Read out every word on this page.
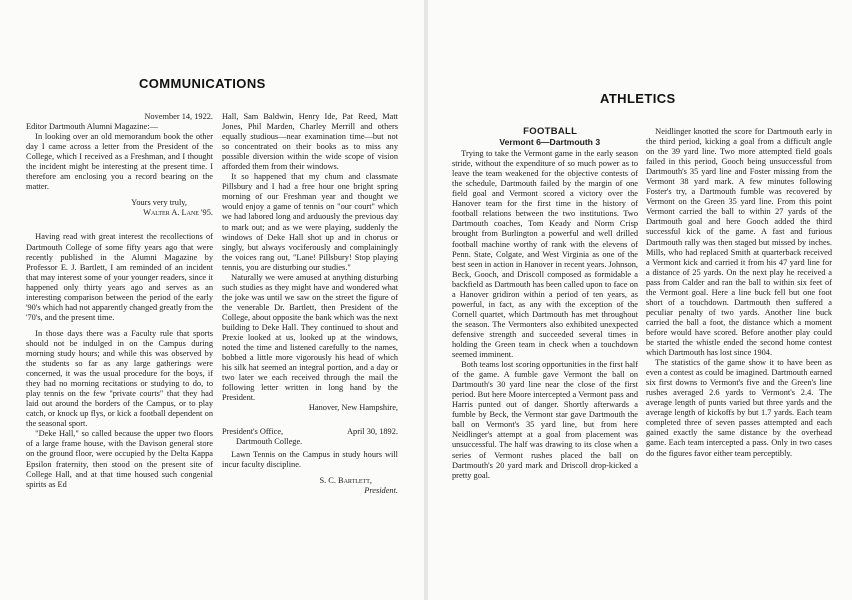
COMMUNICATIONS

November 14, 1922.

Editor Dartmouth Alumni Magazine:—

In looking over an old memorandum book the other day I came across a letter from the President of the College, which I received as a Freshman, and I thought the incident might be interesting at the present time. I therefore am enclosing you a record bearing on the matter.

Yours very truly,

Walter A. Lane '95.

Having read with great interest the recollections of Dartmouth College of some fifty years ago that were recently published in the Alumni Magazine by Professor E. J. Bartlett, I am reminded of an incident that may interest some of your younger readers, since it happened only thirty years ago and serves as an interesting comparison between the period of the early '90's which had not apparently changed greatly from the '70's, and the present time.

In those days there was a Faculty rule that sports should not be indulged in on the Campus during morning study hours; and while this was observed by the students so far as any large gatherings were concerned, it was the usual procedure for the boys, if they had no morning recitations or studying to do, to play tennis on the few "private courts" that they had laid out around the borders of the Campus, or to play catch, or knock up flys, or kick a football dependent on the seasonal sport.

"Deke Hall," so called because the upper two floors of a large frame house, with the Davison general store on the ground floor, were occupied by the Delta Kappa Epsilon fraternity, then stood on the present site of College Hall, and at that time housed such congenial spirits as Ed

Hall, Sam Baldwin, Henry Ide, Pat Reed, Matt Jones, Phil Marden, Charley Merrill and others equally studious—near examination time—but not so concentrated on their books as to miss any possible diversion within the wide scope of vision afforded them from their windows.

It so happened that my chum and classmate Pillsbury and I had a free hour one bright spring morning of our Freshman year and thought we would enjoy a game of tennis on "our court" which we had labored long and arduously the previous day to mark out; and as we were playing, suddenly the windows of Deke Hall shot up and in chorus or singly, but always vociferously and complainingly the voices rang out, "Lane! Pillsbury! Stop playing tennis, you are disturbing our studies."

Naturally we were amused at anything disturbing such studies as they might have and wondered what the joke was until we saw on the street the figure of the venerable Dr. Bartlett, then President of the College, about opposite the bank which was the next building to Deke Hall. They continued to shout and Prexie looked at us, looked up at the windows, noted the time and listened carefully to the names, bobbed a little more vigorously his head of which his silk hat seemed an integral portion, and a day or two later we each received through the mail the following letter written in long hand by the President.

Hanover, New Hampshire,

President's Office,	April 30, 1892.

Dartmouth College.

Lawn Tennis on the Campus in study hours will incur faculty discipline.

S. C. Bartlett,

President.

ATHLETICS

FOOTBALL

Vermont 6—Dartmouth 3

Trying to take the Vermont game in the early season stride, without the expenditure of so much power as to leave the team weakened for the objective contests of the schedule, Dartmouth failed by the margin of one field goal and Vermont scored a victory over the Hanover team for the first time in the history of football relations between the two institutions. Two Dartmouth coaches, Tom Keady and Norm Crisp brought from Burlington a powerful and well drilled football machine worthy of rank with the elevens of Penn. State, Colgate, and West Virginia as one of the best seen in action in Hanover in recent years. Johnson, Beck, Gooch, and Driscoll composed as formidable a backfield as Dartmouth has been called upon to face on a Hanover gridiron within a period of ten years, as powerful, in fact, as any with the exception of the Cornell quartet, which Dartmouth has met throughout the season. The Vermonters also exhibited unexpected defensive strength and succeeded several times in holding the Green team in check when a touchdown seemed imminent.

Both teams lost scoring opportunities in the first half of the game. A fumble gave Vermont the ball on Dartmouth's 30 yard line near the close of the first period. But here Moore intercepted a Vermont pass and Harris punted out of danger. Shortly afterwards a fumble by Beck, the Vermont star gave Dartmouth the ball on Vermont's 35 yard line, but from here Neidlinger's attempt at a goal from placement was unsuccessful. The half was drawing to its close when a series of Vermont rushes placed the ball on Dartmouth's 20 yard mark and Driscoll drop-kicked a pretty goal.

Neidlinger knotted the score for Dartmouth early in the third period, kicking a goal from a difficult angle on the 39 yard line. Two more attempted field goals failed in this period, Gooch being unsuccessful from Dartmouth's 35 yard line and Foster missing from the Vermont 38 yard mark. A few minutes following Foster's try, a Dartmouth fumble was recovered by Vermont on the Green 35 yard line. From this point Vermont carried the ball to within 27 yards of the Dartmouth goal and here Gooch added the third successful kick of the game. A fast and furious Dartmouth rally was then staged but missed by inches. Mills, who had replaced Smith at quarterback received a Vermont kick and carried it from his 47 yard line for a distance of 25 yards. On the next play he received a pass from Calder and ran the ball to within six feet of the Vermont goal. Here a line buck fell but one foot short of a touchdown. Dartmouth then suffered a peculiar penalty of two yards. Another line buck carried the ball a foot, the distance which a moment before would have scored. Before another play could be started the whistle ended the second home contest which Dartmouth has lost since 1904.

The statistics of the game show it to have been as even a contest as could be imagined. Dartmouth earned six first downs to Vermont's five and the Green's line rushes averaged 2.6 yards to Vermont's 2.4. The average length of punts varied but three yards and the average length of kickoffs by but 1.7 yards. Each team completed three of seven passes attempted and each gained exactly the same distance by the overhead game. Each team intercepted a pass. Only in two cases do the figures favor either team perceptibly.
